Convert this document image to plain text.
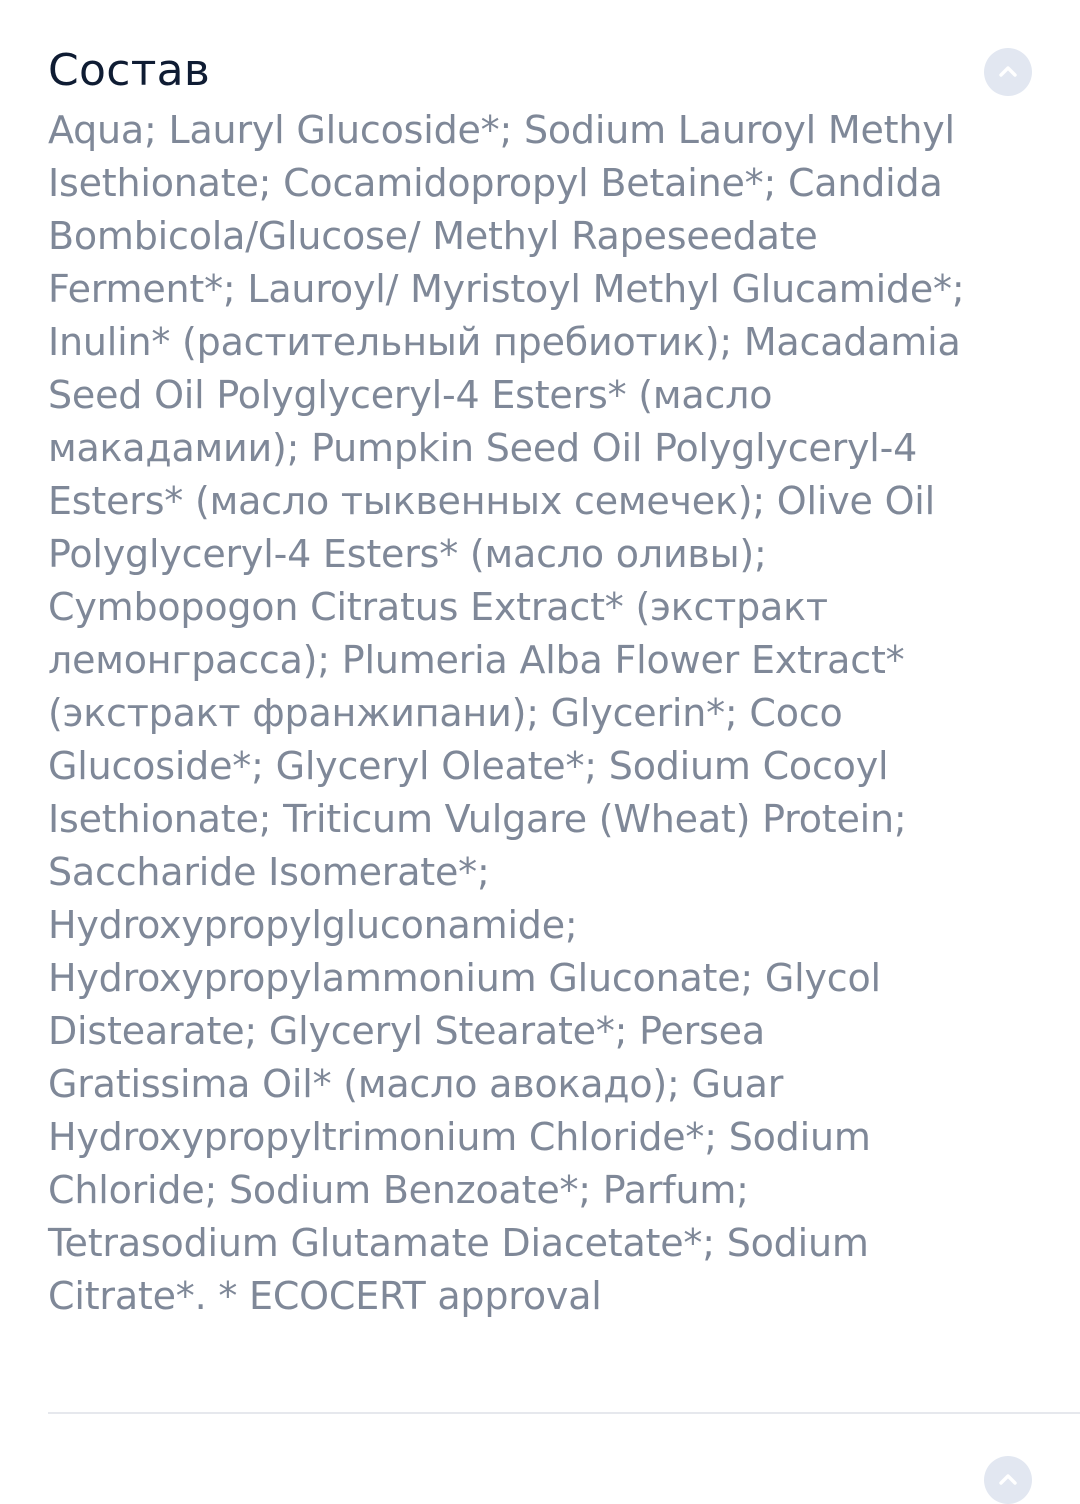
Состав

Aqua; Lauryl Glucoside*; Sodium Lauroyl Methyl Isethionate; Cocamidopropyl Betaine*; Candida Bombicola/Glucose/ Methyl Rapeseedate Ferment*; Lauroyl/ Myristoyl Methyl Glucamide*; Inulin* (растительный пребиотик); Macadamia Seed Oil Polyglyceryl-4 Esters* (масло макадамии); Pumpkin Seed Oil Polyglyceryl-4 Esters* (масло тыквенных семечек); Olive Oil Polyglyceryl-4 Esters* (масло оливы); Cymbopogon Citratus Extract* (экстракт лемонграсса); Plumeria Alba Flower Extract* (экстракт франжипани); Glycerin*; Coco Glucoside*; Glyceryl Oleate*; Sodium Cocoyl Isethionate; Triticum Vulgare (Wheat) Protein; Saccharide Isomerate*; Hydroxypropylgluconamide; Hydroxypropylammonium Gluconate; Glycol Distearate; Glyceryl Stearate*; Persea Gratissima Oil* (масло авокадо); Guar Hydroxypropyltrimonium Chloride*; Sodium Chloride; Sodium Benzoate*; Parfum; Tetrasodium Glutamate Diacetate*; Sodium Citrate*. * ECOCERT approval
